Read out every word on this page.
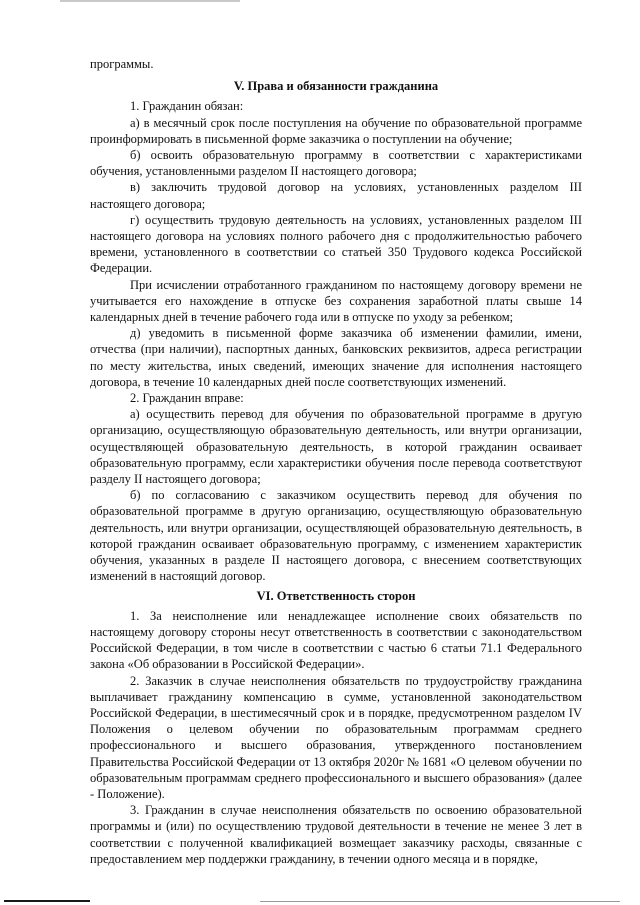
программы.

V. Права и обязанности гражданина

1. Гражданин обязан:

а) в месячный срок после поступления на обучение по образовательной программе проинформировать в письменной форме заказчика о поступлении на обучение;

б) освоить образовательную программу в соответствии с характеристиками обучения, установленными разделом II настоящего договора;

в) заключить трудовой договор на условиях, установленных разделом III настоящего договора;

г) осуществить трудовую деятельность на условиях, установленных разделом III настоящего договора на условиях полного рабочего дня с продолжительностью рабочего времени, установленного в соответствии со статьей 350 Трудового кодекса Российской Федерации.

При исчислении отработанного гражданином по настоящему договору времени не учитывается его нахождение в отпуске без сохранения заработной платы свыше 14 календарных дней в течение рабочего года или в отпуске по уходу за ребенком;

д) уведомить в письменной форме заказчика об изменении фамилии, имени, отчества (при наличии), паспортных данных, банковских реквизитов, адреса регистрации по месту жительства, иных сведений, имеющих значение для исполнения настоящего договора, в течение 10 календарных дней после соответствующих изменений.

2. Гражданин вправе:

а) осуществить перевод для обучения по образовательной программе в другую организацию, осуществляющую образовательную деятельность, или внутри организации, осуществляющей образовательную деятельность, в которой гражданин осваивает образовательную программу, если характеристики обучения после перевода соответствуют разделу II настоящего договора;

б) по согласованию с заказчиком осуществить перевод для обучения по образовательной программе в другую организацию, осуществляющую образовательную деятельность, или внутри организации, осуществляющей образовательную деятельность, в которой гражданин осваивает образовательную программу, с изменением характеристик обучения, указанных в разделе II настоящего договора, с внесением соответствующих изменений в настоящий договор.

VI. Ответственность сторон

1. За неисполнение или ненадлежащее исполнение своих обязательств по настоящему договору стороны несут ответственность в соответствии с законодательством Российской Федерации, в том числе в соответствии с частью 6 статьи 71.1 Федерального закона «Об образовании в Российской Федерации».

2. Заказчик в случае неисполнения обязательств по трудоустройству гражданина выплачивает гражданину компенсацию в сумме, установленной законодательством Российской Федерации, в шестимесячный срок и в порядке, предусмотренном разделом IV Положения о целевом обучении по образовательным программам среднего профессионального и высшего образования, утвержденного постановлением Правительства Российской Федерации от 13 октября 2020г № 1681 «О целевом обучении по образовательным программам среднего профессионального и высшего образования» (далее - Положение).

3. Гражданин в случае неисполнения обязательств по освоению образовательной программы и (или) по осуществлению трудовой деятельности в течение не менее 3 лет в соответствии с полученной квалификацией возмещает заказчику расходы, связанные с предоставлением мер поддержки гражданину, в течении одного месяца и в порядке,
